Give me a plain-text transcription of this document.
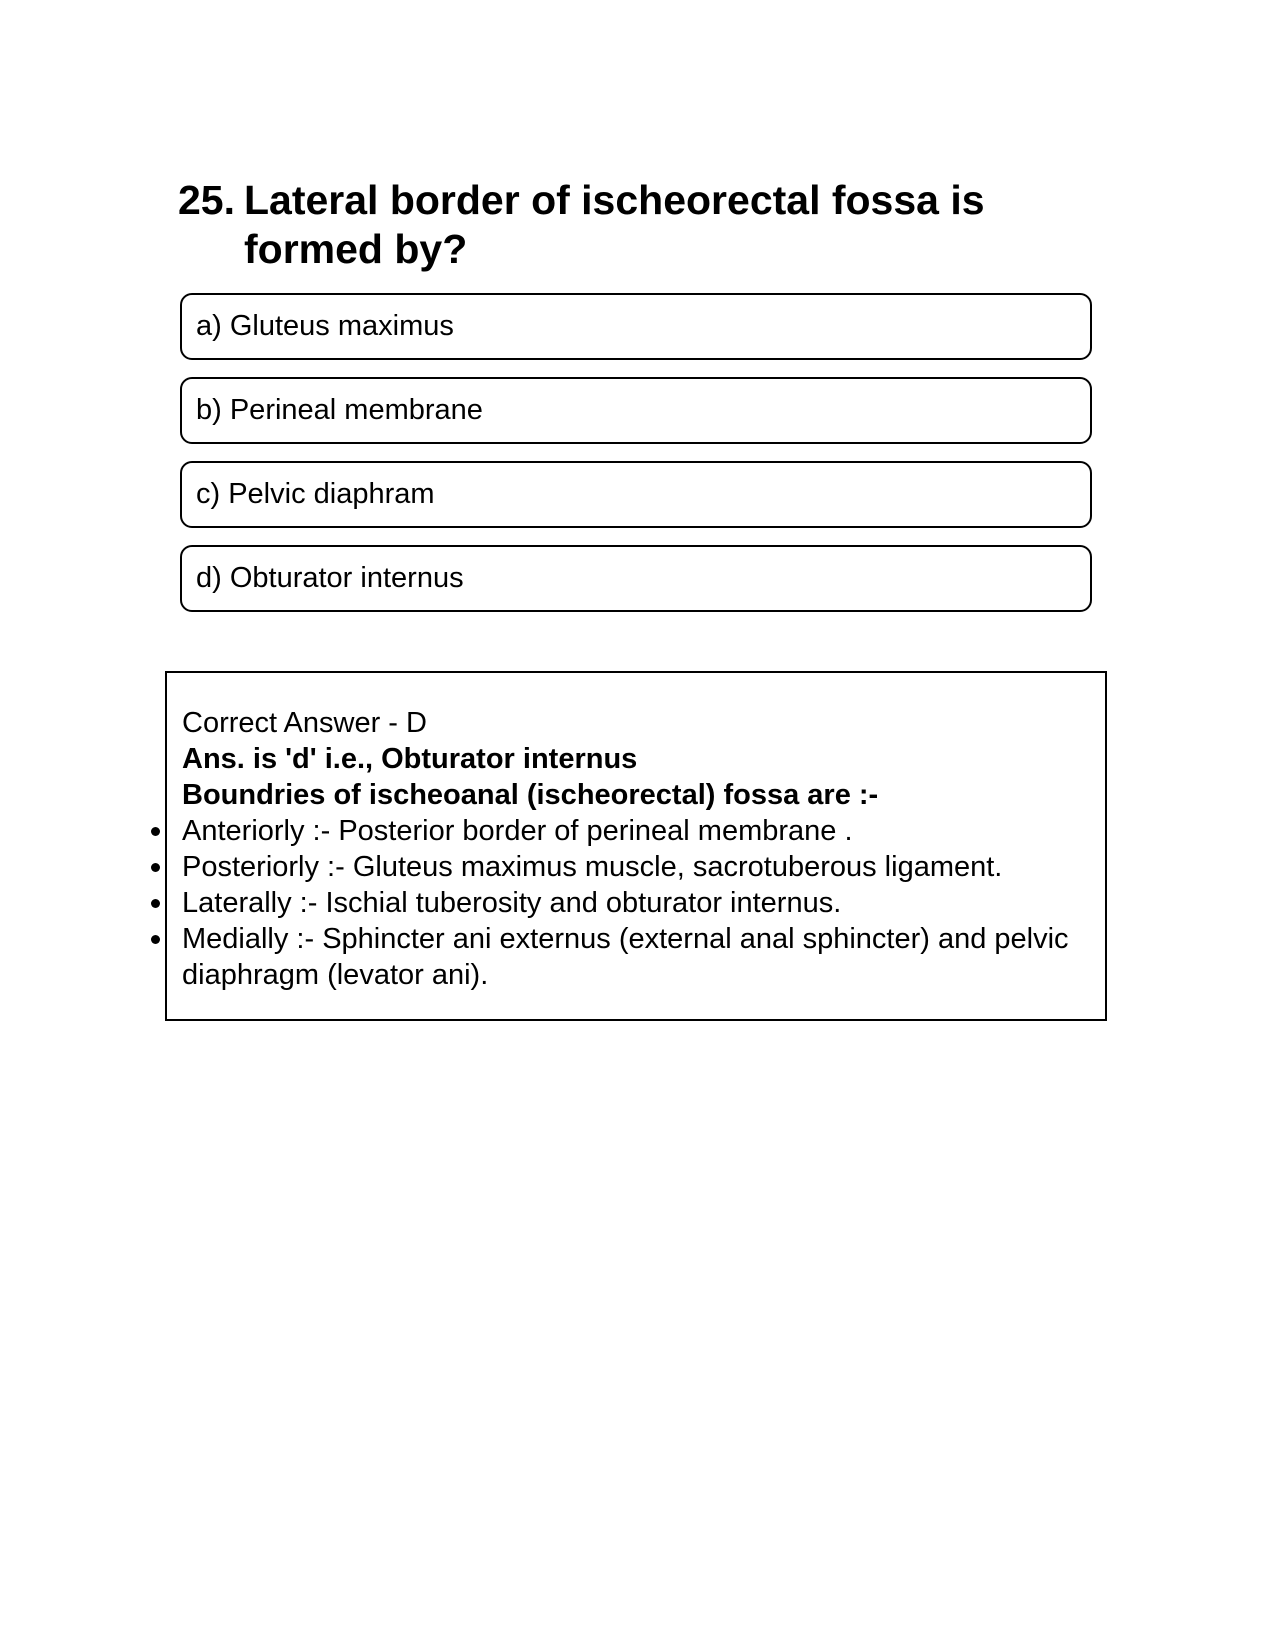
25. Lateral border of ischeorectal fossa is formed by?
a) Gluteus maximus
b) Perineal membrane
c) Pelvic diaphram
d) Obturator internus
Correct Answer - D
Ans. is 'd' i.e., Obturator internus
Boundries of ischeoanal (ischeorectal) fossa are :-
Anteriorly :- Posterior border of perineal membrane .
Posteriorly :- Gluteus maximus muscle, sacrotuberous ligament.
Laterally :- Ischial tuberosity and obturator internus.
Medially :- Sphincter ani externus (external anal sphincter) and pelvic diaphragm (levator ani).
